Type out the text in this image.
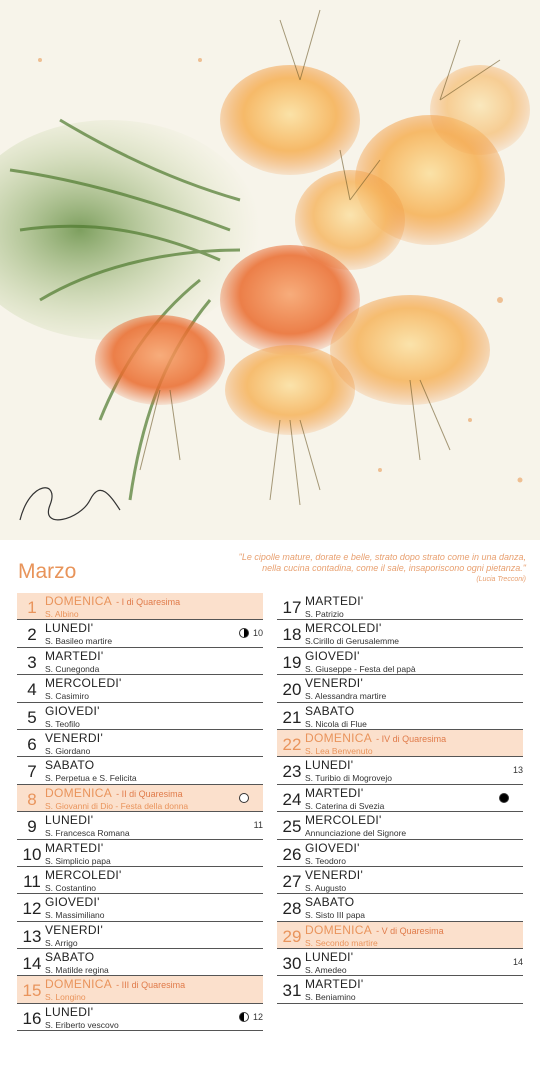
Marzo
"Le cipolle mature, dorate e belle, strato dopo strato come in una danza, nella cucina contadina, come il sale, insaporiscono ogni pietanza."
(Lucia Trecconi)
1 DOMENICA - I di Quaresima
S. Albino
2 LUNEDI'
S. Basileo martire
10
3 MARTEDI'
S. Cunegonda
4 MERCOLEDI'
S. Casimiro
5 GIOVEDI'
S. Teofilo
6 VENERDI'
S. Giordano
7 SABATO
S. Perpetua e S. Felicita
8 DOMENICA - II di Quaresima
S. Giovanni di Dio - Festa della donna
9 LUNEDI'
S. Francesca Romana
11
10 MARTEDI'
S. Simplicio papa
11 MERCOLEDI'
S. Costantino
12 GIOVEDI'
S. Massimiliano
13 VENERDI'
S. Arrigo
14 SABATO
S. Matilde regina
15 DOMENICA - III di Quaresima
S. Longino
16 LUNEDI'
S. Eriberto vescovo
12
17 MARTEDI'
S. Patrizio
18 MERCOLEDI'
S.Cirillo di Gerusalemme
19 GIOVEDI'
S. Giuseppe - Festa del papà
20 VENERDI'
S. Alessandra martire
21 SABATO
S. Nicola di Flue
22 DOMENICA - IV di Quaresima
S. Lea Benvenuto
23 LUNEDI'
S. Turibio di Mogrovejo
13
24 MARTEDI'
S. Caterina di Svezia
25 MERCOLEDI'
Annunciazione del Signore
26 GIOVEDI'
S. Teodoro
27 VENERDI'
S. Augusto
28 SABATO
S. Sisto III papa
29 DOMENICA - V di Quaresima
S. Secondo martire
30 LUNEDI'
S. Amedeo
14
31 MARTEDI'
S. Beniamino
